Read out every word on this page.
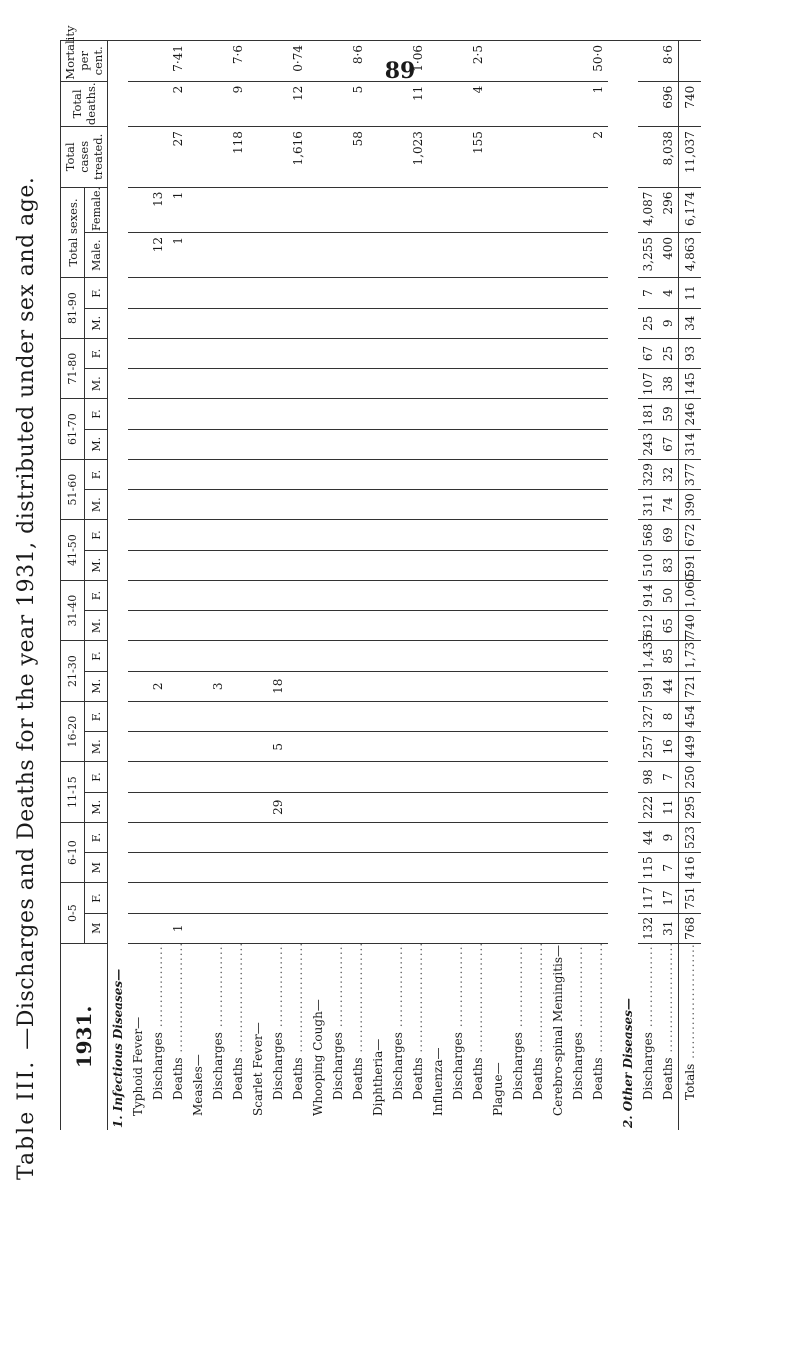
89
Table III.—Discharges and Deaths for the year 1931, distributed under sex and age. 1931.	0-5		6-10		11-15		16-20		21-30		31-40		41-50		51-60		61-70		71-80		81-90		Total sexes.		Total cases treated.	Total deaths.	Mortality per cent.
	M	F.	M	F.	M.	F.	M.	F.	M.	F.	M.	F.	M.	F.	M.	F.	M.	F.	M.	F.	M.	F.	Male.	Female.			
1. Infectious Diseases—																											
Typhoid Fever—																											
Discharges .....									2														12	13			
Deaths .....	1																						1	1	27	2	7·41
Measles—																											
Discharges .....									3																		
Deaths .....																									118	9	7·6
Scarlet Fever—																											
Discharges .....					29		5		18																		
Deaths .....																									1,616	12	0·74
Whooping Cough—																											
Discharges .....																											
Deaths .....																									58	5	8·6
Diphtheria—																											
Discharges .....																											
Deaths .....																									1,023	11	1·06
Influenza—																											
Discharges .....																											
Deaths .....																									155	4	2·5
Plague—																											
Discharges .....																											
Deaths .....																											
Cerebro-spinal Meningitis—																											
Discharges .....																											
Deaths .....																									2	1	50·0

2. Other Diseases—																											
Discharges .....	132	117	115	44	222	98	257	327	591	1,435	612	914	510	568	311	329	243	181	107	67	25	7	3,255	4,087			
Deaths .....	31	17	7	9	11	7	16	8	44	85	65	50	83	69	74	32	67	59	38	25	9	4	400	296	8,038	696	8·6
Totals .....	768	751	416	523	295	250	449	454	721	1,737	740	1,060	591	672	390	377	314	246	145	93	34	11	4,863	6,174	11,037	740	
